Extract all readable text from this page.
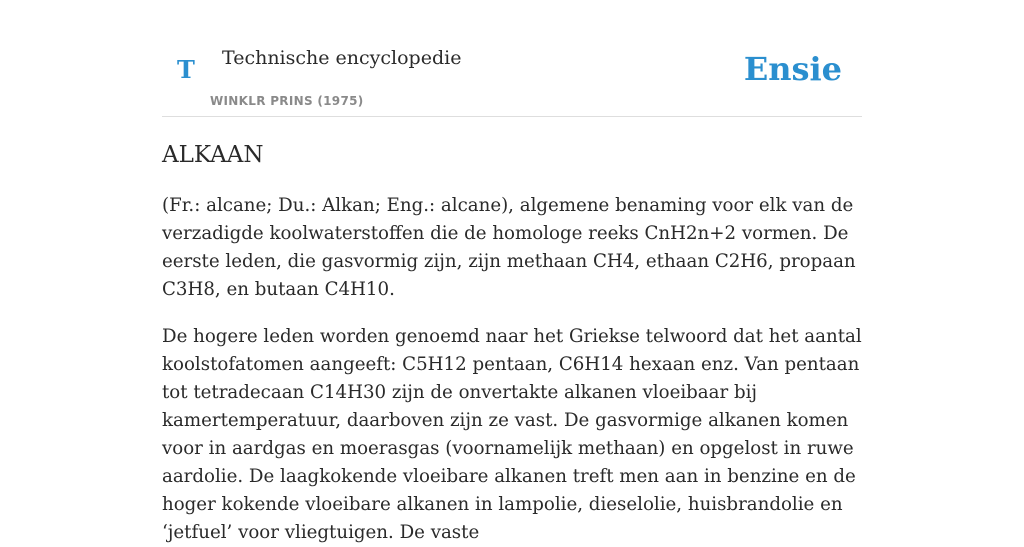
T Technische encyclopedie
WINKLR PRINS (1975)
Ensie
ALKAAN

(Fr.: alcane; Du.: Alkan; Eng.: alcane), algemene benaming voor elk van de verzadigde koolwaterstoffen die de homologe reeks CnH2n+2 vormen. De eerste leden, die gasvormig zijn, zijn methaan CH4, ethaan C2H6, propaan C3H8, en butaan C4H10.

De hogere leden worden genoemd naar het Griekse telwoord dat het aantal koolstofatomen aangeeft: C5H12 pentaan, C6H14 hexaan enz. Van pentaan tot tetradecaan C14H30 zijn de onvertakte alkanen vloeibaar bij kamertemperatuur, daarboven zijn ze vast. De gasvormige alkanen komen voor in aardgas en moerasgas (voornamelijk methaan) en opgelost in ruwe aardolie. De laagkokende vloeibare alkanen treft men aan in benzine en de hoger kokende vloeibare alkanen in lampolie, dieselolie, huisbrandolie en ‘jetfuel’ voor vliegtuigen. De vaste
